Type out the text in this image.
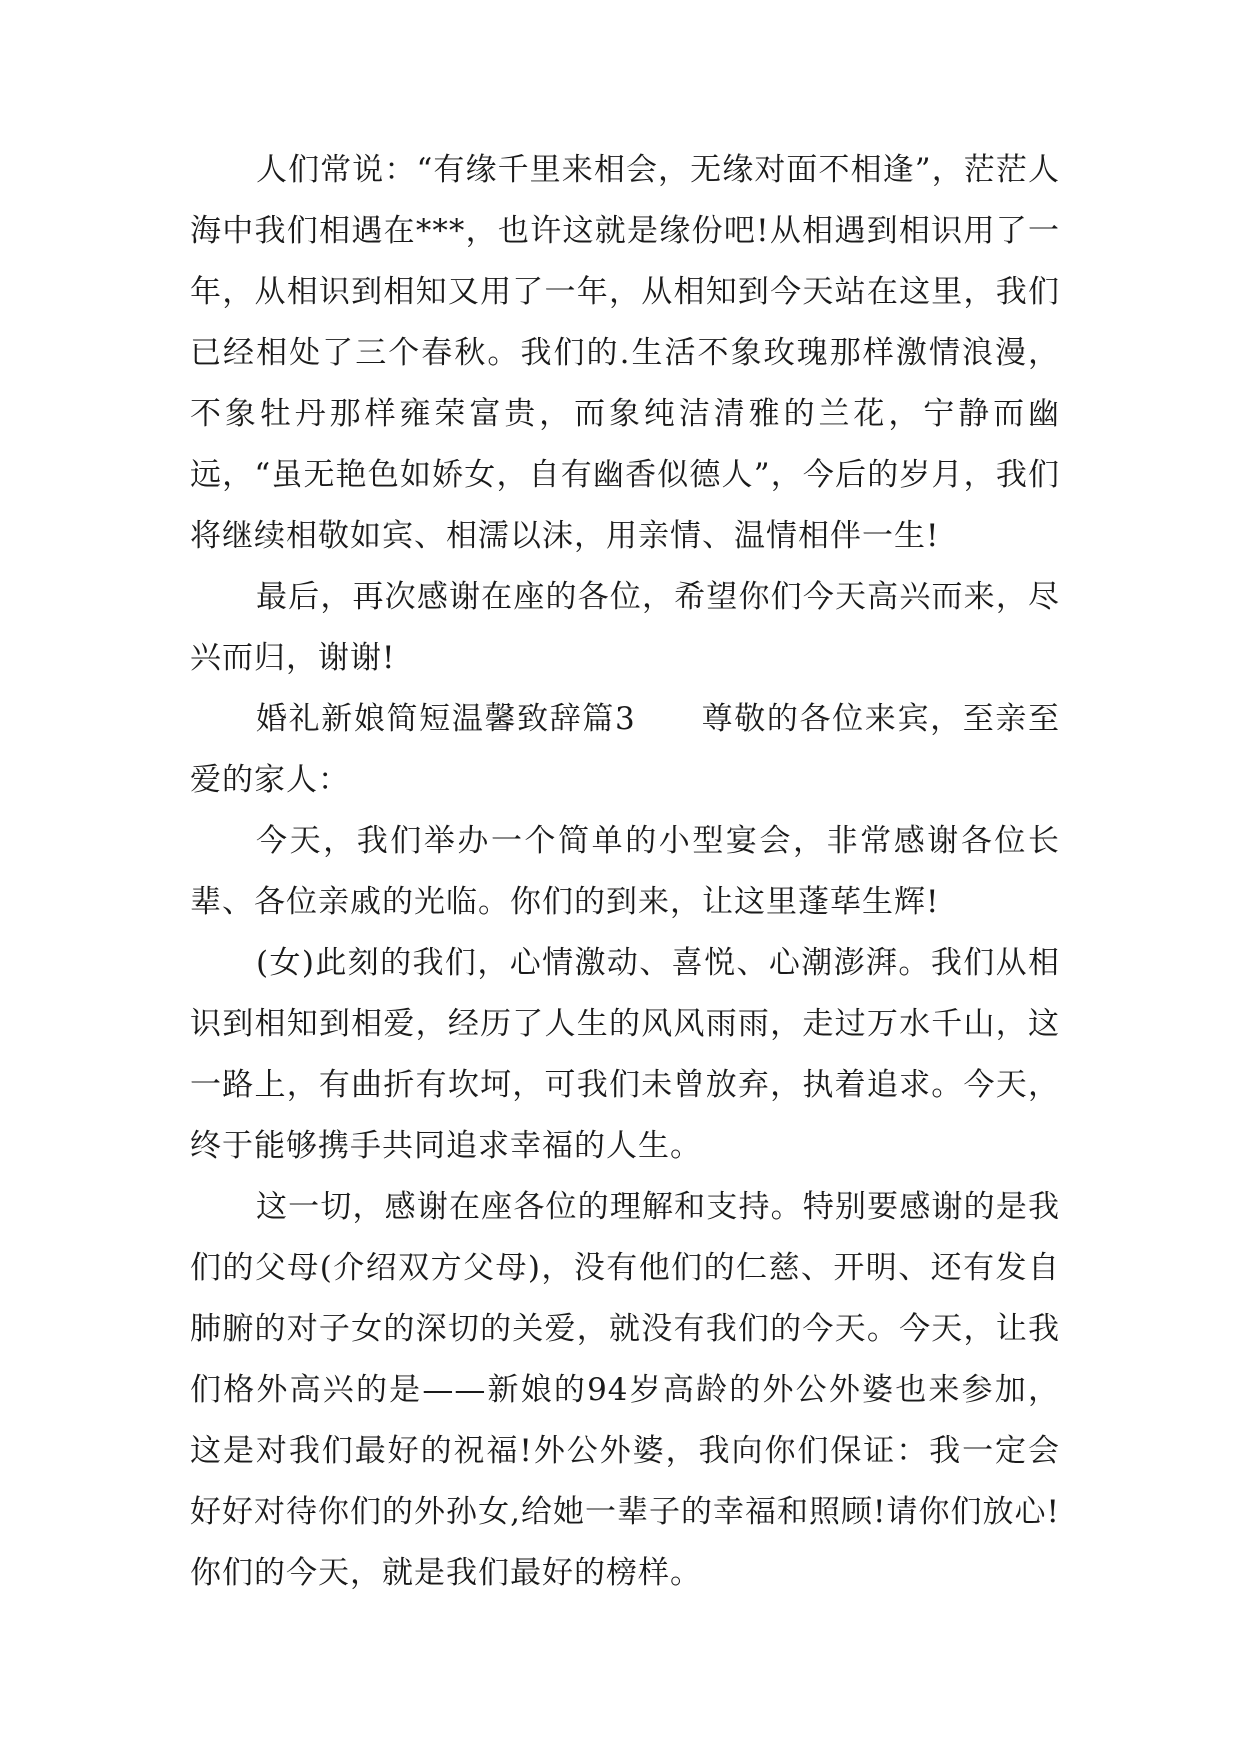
人们常说：“有缘千里来相会，无缘对面不相逢”，茫茫人海中我们相遇在***，也许这就是缘份吧!从相遇到相识用了一年，从相识到相知又用了一年，从相知到今天站在这里，我们已经相处了三个春秋。我们的.生活不象玫瑰那样激情浪漫，不象牡丹那样雍荣富贵，而象纯洁清雅的兰花，宁静而幽远，“虽无艳色如娇女，自有幽香似德人”，今后的岁月，我们将继续相敬如宾、相濡以沫，用亲情、温情相伴一生!

最后，再次感谢在座的各位，希望你们今天高兴而来，尽兴而归，谢谢!

婚礼新娘简短温馨致辞篇3　　尊敬的各位来宾，至亲至爱的家人：

今天，我们举办一个简单的小型宴会，非常感谢各位长辈、各位亲戚的光临。你们的到来，让这里蓬荜生辉!

(女)此刻的我们，心情激动、喜悦、心潮澎湃。我们从相识到相知到相爱，经历了人生的风风雨雨，走过万水千山，这一路上，有曲折有坎坷，可我们未曾放弃，执着追求。今天，终于能够携手共同追求幸福的人生。

这一切，感谢在座各位的理解和支持。特别要感谢的是我们的父母(介绍双方父母)，没有他们的仁慈、开明、还有发自肺腑的对子女的深切的关爱，就没有我们的今天。今天，让我们格外高兴的是——新娘的94岁高龄的外公外婆也来参加，这是对我们最好的祝福!外公外婆，我向你们保证：我一定会好好对待你们的外孙女,给她一辈子的幸福和照顾!请你们放心!你们的今天，就是我们最好的榜样。
